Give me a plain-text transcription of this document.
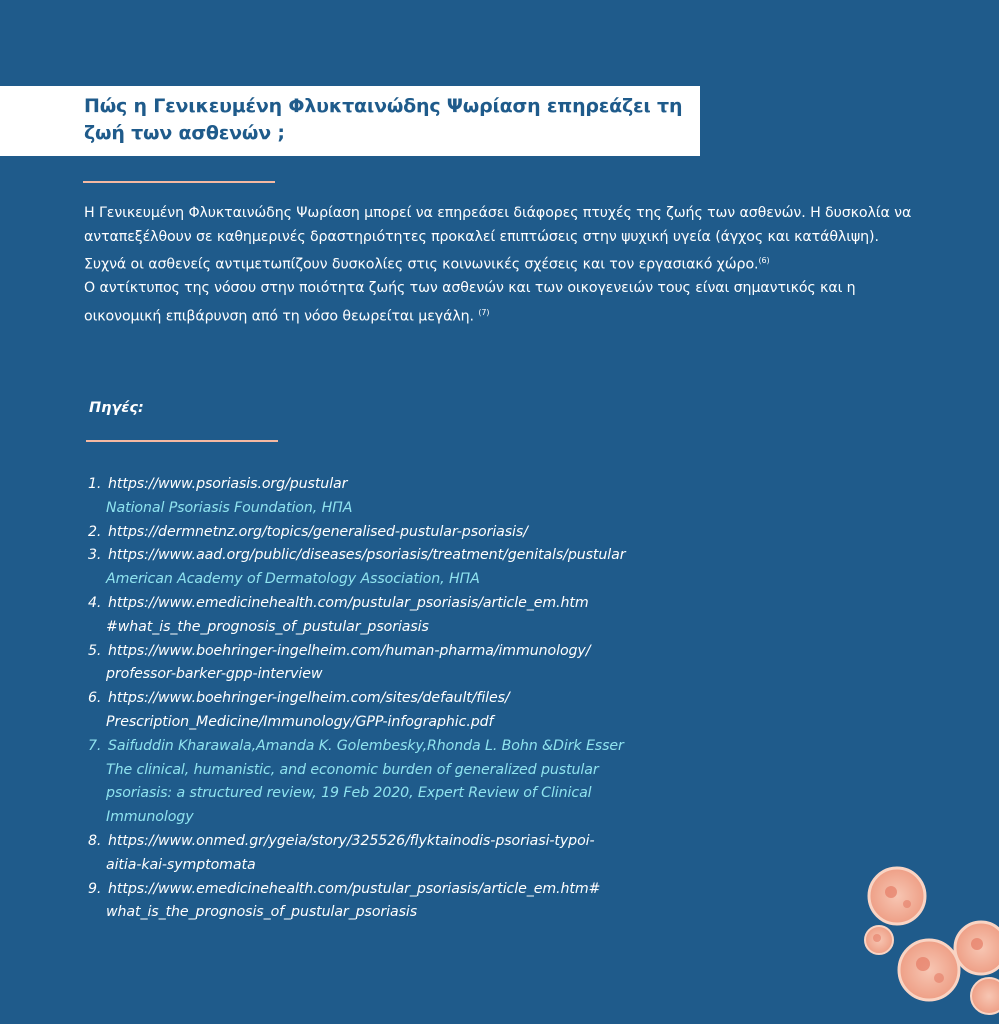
Πώς η Γενικευμένη Φλυκταινώδης Ψωρίαση επηρεάζει τη ζωή των ασθενών ;

Η Γενικευμένη Φλυκταινώδης Ψωρίαση μπορεί να επηρεάσει διάφορες πτυχές της ζωής των ασθενών. Η δυσκολία να ανταπεξέλθουν σε καθημερινές δραστηριότητες προκαλεί επιπτώσεις στην ψυχική υγεία (άγχος και κατάθλιψη). Συχνά οι ασθενείς αντιμετωπίζουν δυσκολίες στις κοινωνικές σχέσεις και τον εργασιακό χώρο.$^{(6)}$

Ο αντίκτυπος της νόσου στην ποιότητα ζωής των ασθενών και των οικογενειών τους είναι σημαντικός και η οικονομική επιβάρυνση από τη νόσο θεωρείται μεγάλη. $^{(7)}$

Πηγές:
1. https://www.psoriasis.org/pustular
National Psoriasis Foundation, ΗΠΑ
2. https://dermnetnz.org/topics/generalised-pustular-psoriasis/
3. https://www.aad.org/public/diseases/psoriasis/treatment/genitals/pustular
American Academy of Dermatology Association, ΗΠΑ
4. https://www.emedicinehealth.com/pustular_psoriasis/article_em.htm
#what_is_the_prognosis_of_pustular_psoriasis
5. https://www.boehringer-ingelheim.com/human-pharma/immunology/
professor-barker-gpp-interview
6. https://www.boehringer-ingelheim.com/sites/default/files/
Prescription_Medicine/Immunology/GPP-infographic.pdf
7. Saifuddin Kharawala,Amanda K. Golembesky,Rhonda L. Bohn &Dirk Esser
The clinical, humanistic, and economic burden of generalized pustular
psoriasis: a structured review, 19 Feb 2020, Expert Review of Clinical
Immunology
8. https://www.onmed.gr/ygeia/story/325526/flyktainodis-psoriasi-typoi-
aitia-kai-symptomata
9. https://www.emedicinehealth.com/pustular_psoriasis/article_em.htm#
what_is_the_prognosis_of_pustular_psoriasis
